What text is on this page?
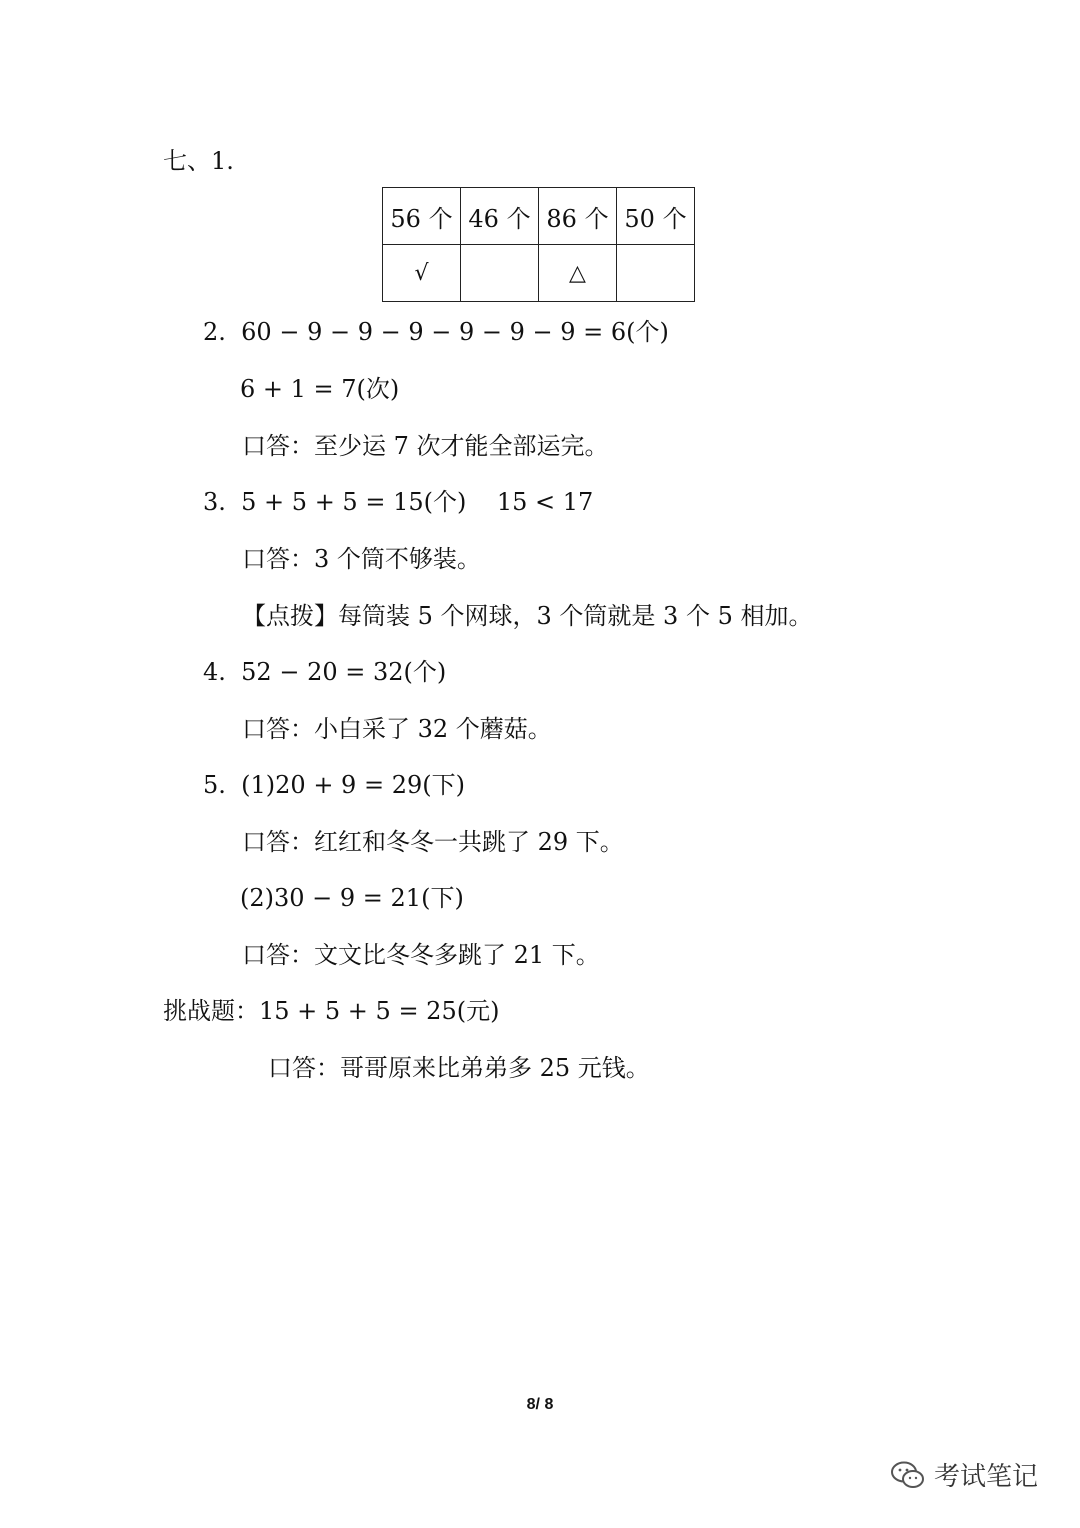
七、1.
56 个	46 个	86 个	50 个
√		△	
2.  60 − 9 − 9 − 9 − 9 − 9 − 9 = 6(个)
6 + 1 = 7(次)
口答：至少运 7 次才能全部运完。
3.  5 + 5 + 5 = 15(个)    15 < 17
口答：3 个筒不够装。
【点拨】每筒装 5 个网球，3 个筒就是 3 个 5 相加。
4.  52 − 20 = 32(个)
口答：小白采了 32 个蘑菇。
5.  (1)20 + 9 = 29(下)
口答：红红和冬冬一共跳了 29 下。
(2)30 − 9 = 21(下)
口答：文文比冬冬多跳了 21 下。
挑战题：15 + 5 + 5 = 25(元)
口答：哥哥原来比弟弟多 25 元钱。
8/ 8
考试笔记
